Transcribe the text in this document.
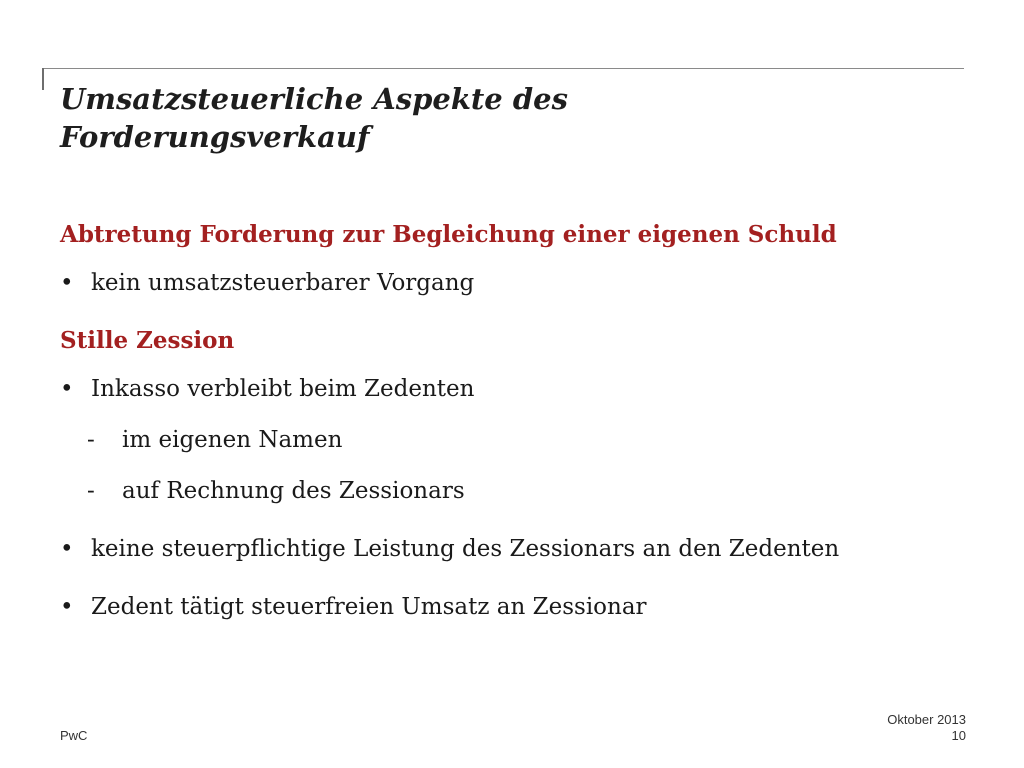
Umsatzsteuerliche Aspekte des
Forderungsverkauf

Abtretung Forderung zur Begleichung einer eigenen Schuld

• kein umsatzsteuerbarer Vorgang

Stille Zession

• Inkasso verbleibt beim Zedenten

- im eigenen Namen

- auf Rechnung des Zessionars

• keine steuerpflichtige Leistung des Zessionars an den Zedenten

• Zedent tätigt steuerfreien Umsatz an Zessionar

PwC
Oktober 2013
10
